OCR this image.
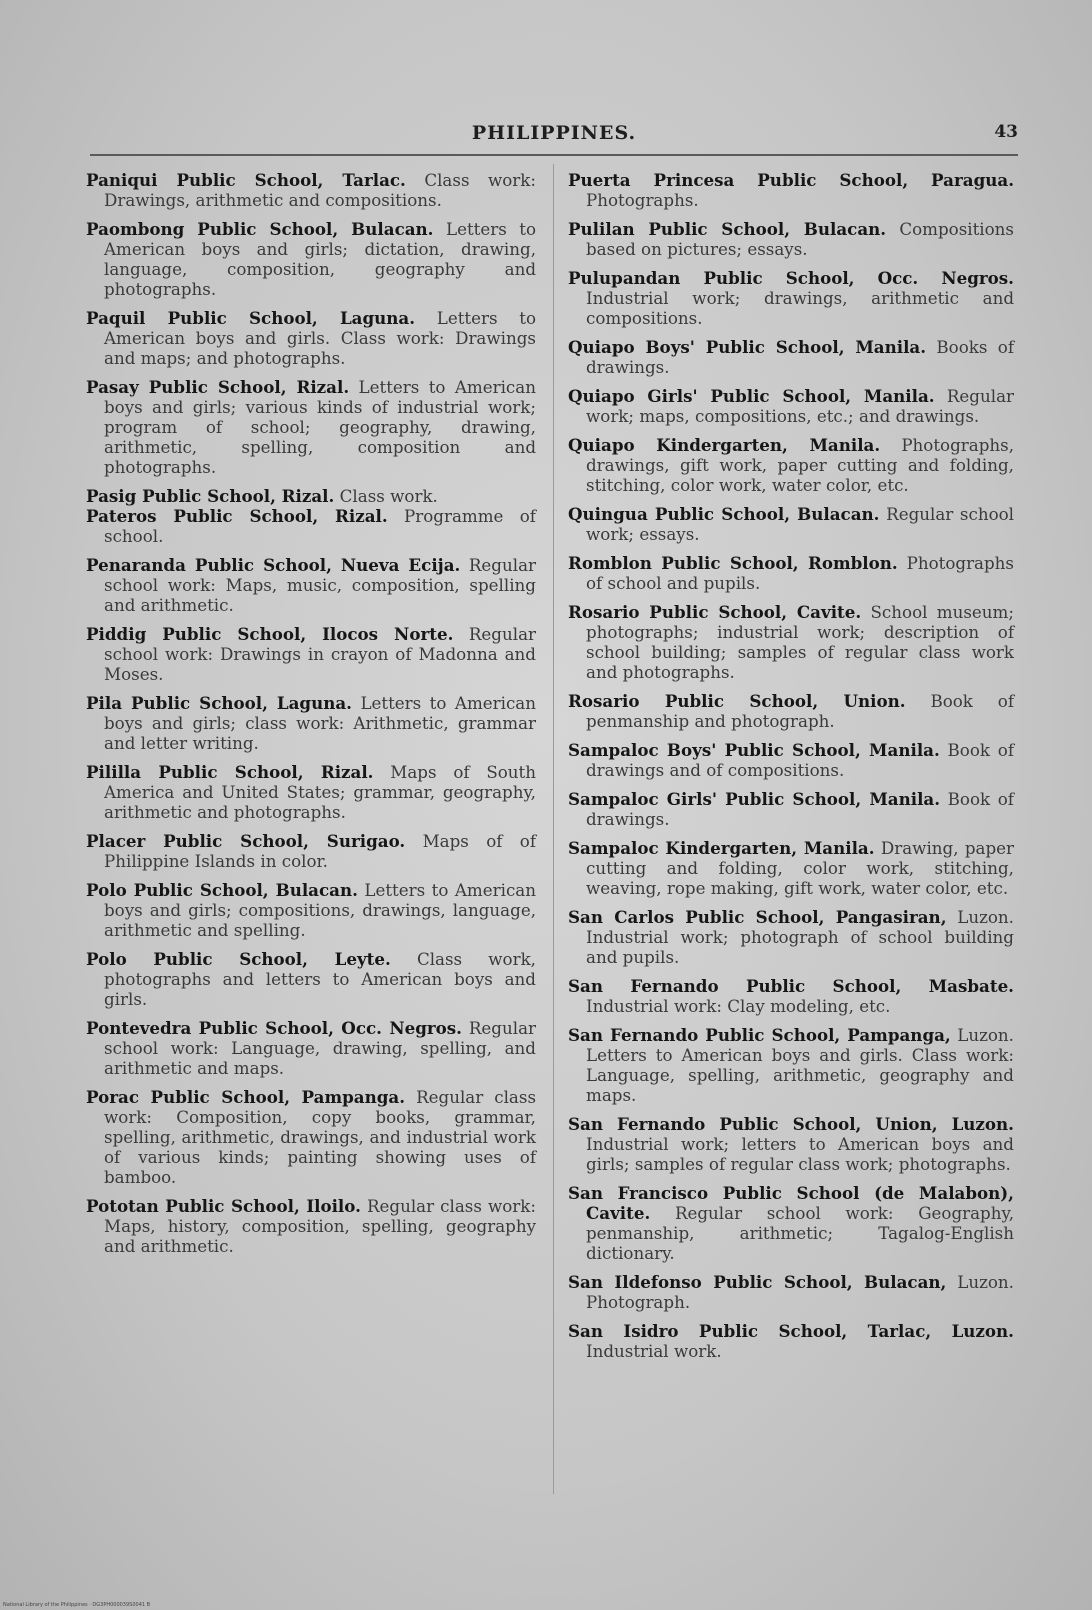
PHILIPPINES.	43

Paniqui Public School, Tarlac. Class work: Drawings, arithmetic and compositions.

Paombong Public School, Bulacan. Letters to American boys and girls; dictation, drawing, language, composition, geography and photographs.

Paquil Public School, Laguna. Letters to American boys and girls. Class work: Drawings and maps; and photographs.

Pasay Public School, Rizal. Letters to American boys and girls; various kinds of industrial work; program of school; geography, drawing, arithmetic, spelling, composition and photographs.

Pasig Public School, Rizal. Class work.

Pateros Public School, Rizal. Programme of school.

Penaranda Public School, Nueva Ecija. Regular school work: Maps, music, composition, spelling and arithmetic.

Piddig Public School, Ilocos Norte. Regular school work: Drawings in crayon of Madonna and Moses.

Pila Public School, Laguna. Letters to American boys and girls; class work: Arithmetic, grammar and letter writing.

Pililla Public School, Rizal. Maps of South America and United States; grammar, geography, arithmetic and photographs.

Placer Public School, Surigao. Maps of of Philippine Islands in color.

Polo Public School, Bulacan. Letters to American boys and girls; compositions, drawings, language, arithmetic and spelling.

Polo Public School, Leyte. Class work, photographs and letters to American boys and girls.

Pontevedra Public School, Occ. Negros. Regular school work: Language, drawing, spelling, and arithmetic and maps.

Porac Public School, Pampanga. Regular class work: Composition, copy books, grammar, spelling, arithmetic, drawings, and industrial work of various kinds; painting showing uses of bamboo.

Pototan Public School, Iloilo. Regular class work: Maps, history, composition, spelling, geography and arithmetic.

Puerta Princesa Public School, Paragua. Photographs.

Pulilan Public School, Bulacan. Compositions based on pictures; essays.

Pulupandan Public School, Occ. Negros. Industrial work; drawings, arithmetic and compositions.

Quiapo Boys' Public School, Manila. Books of drawings.

Quiapo Girls' Public School, Manila. Regular work; maps, compositions, etc.; and drawings.

Quiapo Kindergarten, Manila. Photographs, drawings, gift work, paper cutting and folding, stitching, color work, water color, etc.

Quingua Public School, Bulacan. Regular school work; essays.

Romblon Public School, Romblon. Photographs of school and pupils.

Rosario Public School, Cavite. School museum; photographs; industrial work; description of school building; samples of regular class work and photographs.

Rosario Public School, Union. Book of penmanship and photograph.

Sampaloc Boys' Public School, Manila. Book of drawings and of compositions.

Sampaloc Girls' Public School, Manila. Book of drawings.

Sampaloc Kindergarten, Manila. Drawing, paper cutting and folding, color work, stitching, weaving, rope making, gift work, water color, etc.

San Carlos Public School, Pangasiran, Luzon. Industrial work; photograph of school building and pupils.

San Fernando Public School, Masbate. Industrial work: Clay modeling, etc.

San Fernando Public School, Pampanga, Luzon. Letters to American boys and girls. Class work: Language, spelling, arithmetic, geography and maps.

San Fernando Public School, Union, Luzon. Industrial work; letters to American boys and girls; samples of regular class work; photographs.

San Francisco Public School (de Malabon), Cavite. Regular school work: Geography, penmanship, arithmetic; Tagalog-English dictionary.

San Ildefonso Public School, Bulacan, Luzon. Photograph.

San Isidro Public School, Tarlac, Luzon. Industrial work.

National Library of the Philippines · DG3PH000039S0041 B
